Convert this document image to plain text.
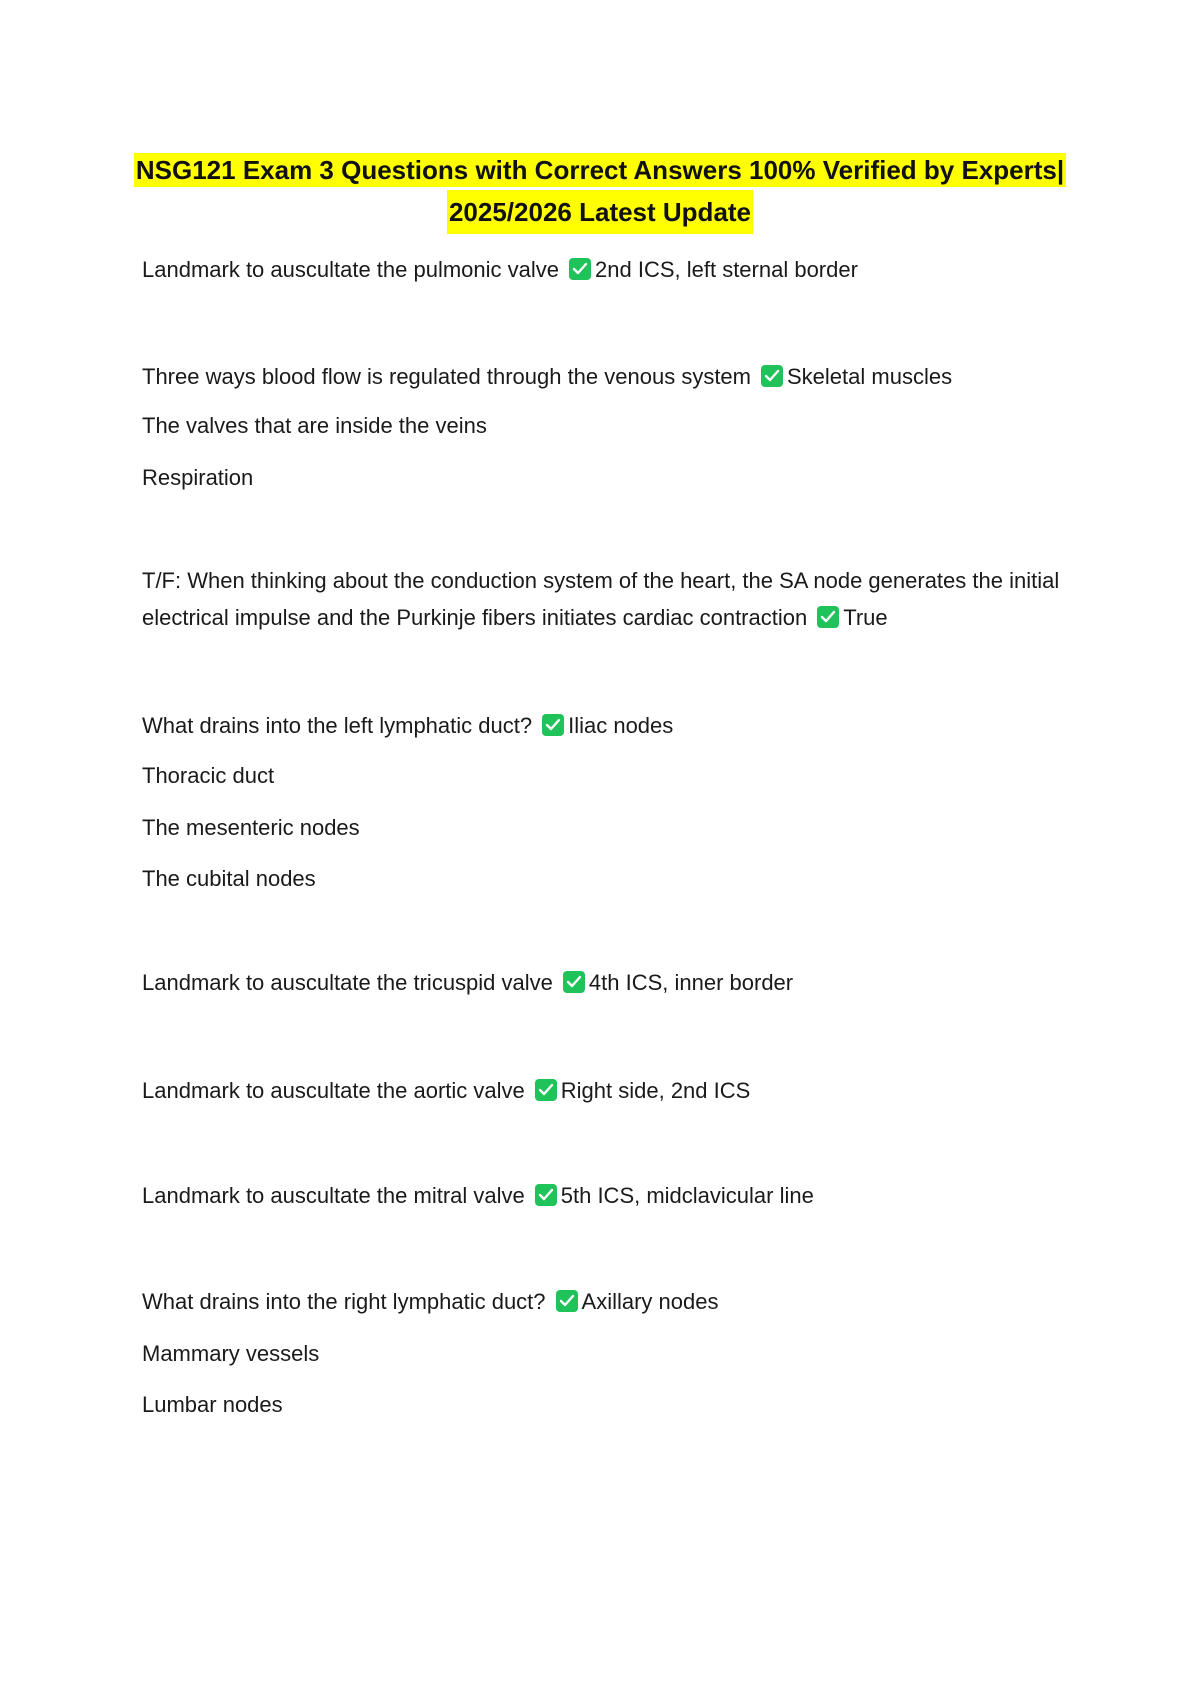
NSG121 Exam 3 Questions with Correct Answers 100% Verified by Experts|
2025/2026 Latest Update
Landmark to auscultate the pulmonic valve 2nd ICS, left sternal border
Three ways blood flow is regulated through the venous system Skeletal muscles
The valves that are inside the veins
Respiration
T/F: When thinking about the conduction system of the heart, the SA node generates the initial
electrical impulse and the Purkinje fibers initiates cardiac contraction True
What drains into the left lymphatic duct? Iliac nodes
Thoracic duct
The mesenteric nodes
The cubital nodes
Landmark to auscultate the tricuspid valve 4th ICS, inner border
Landmark to auscultate the aortic valve Right side, 2nd ICS
Landmark to auscultate the mitral valve 5th ICS, midclavicular line
What drains into the right lymphatic duct? Axillary nodes
Mammary vessels
Lumbar nodes
